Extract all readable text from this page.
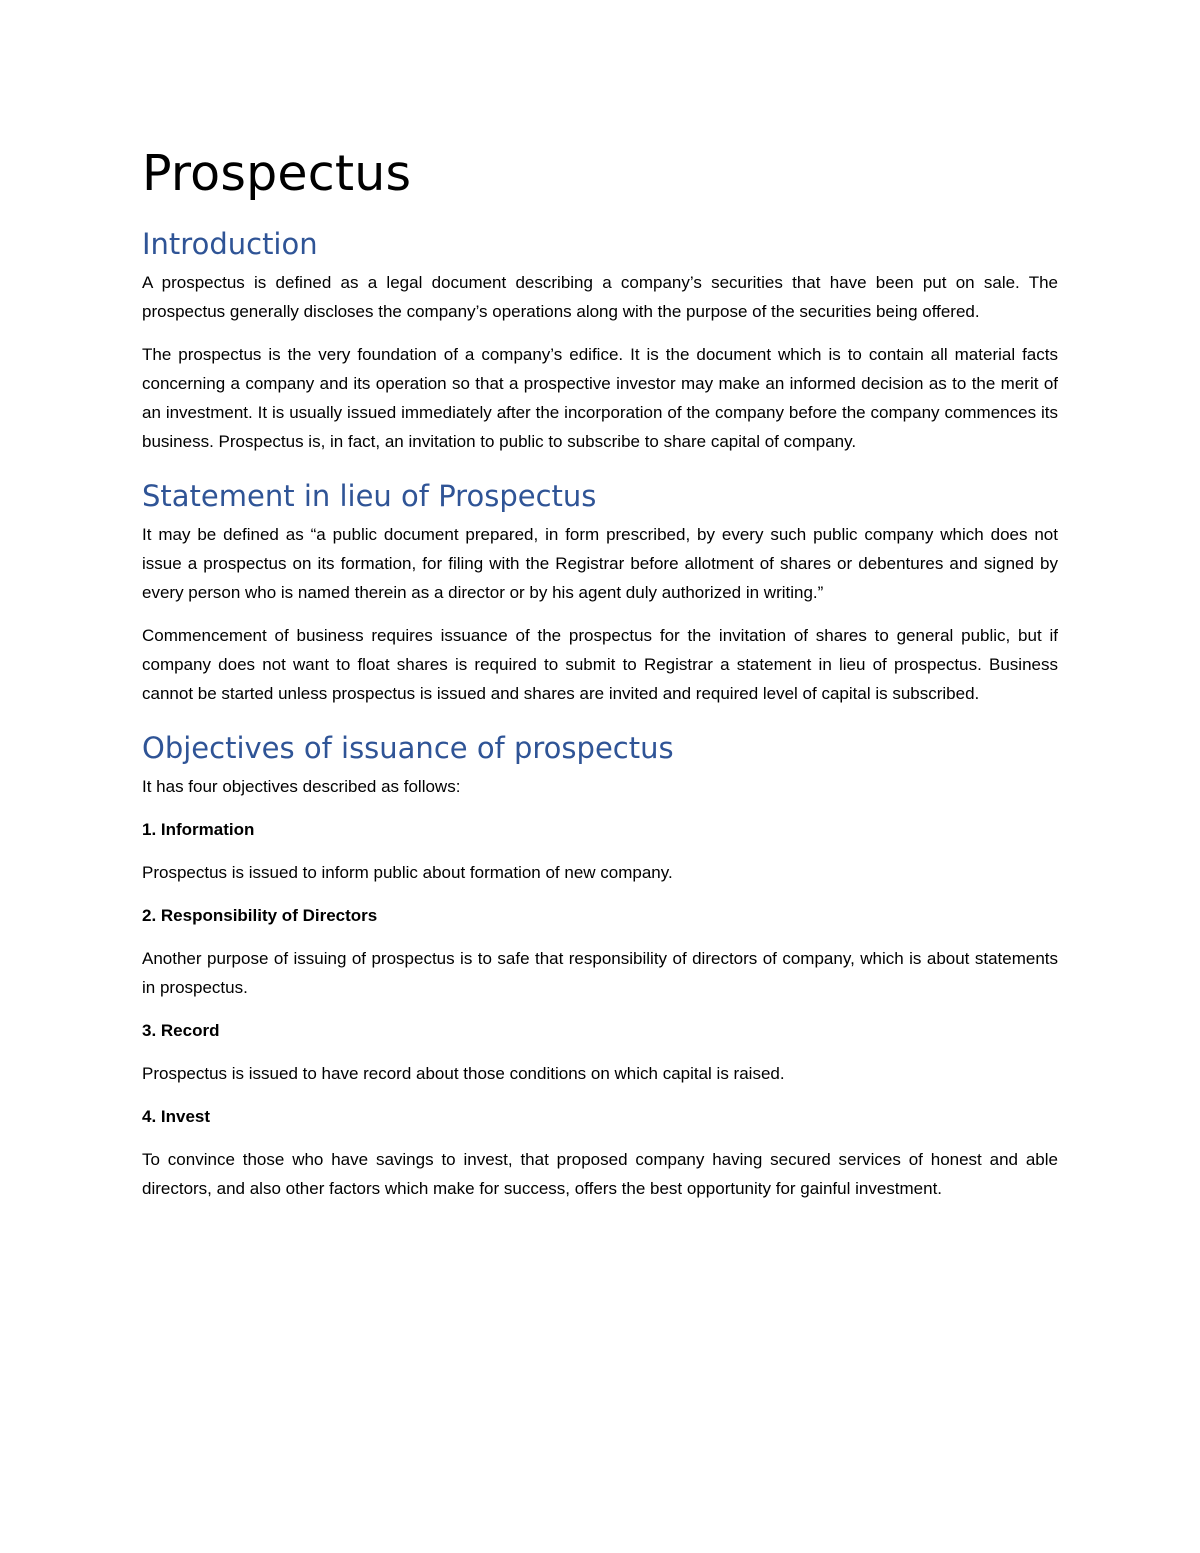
Prospectus
Introduction

A prospectus is defined as a legal document describing a company’s securities that have been put on sale. The prospectus generally discloses the company’s operations along with the purpose of the securities being offered.

The prospectus is the very foundation of a company’s edifice. It is the document which is to contain all material facts concerning a company and its operation so that a prospective investor may make an informed decision as to the merit of an investment. It is usually issued immediately after the incorporation of the company before the company commences its business. Prospectus is, in fact, an invitation to public to subscribe to share capital of company.

Statement in lieu of Prospectus

It may be defined as “a public document prepared, in form prescribed, by every such public company which does not issue a prospectus on its formation, for filing with the Registrar before allotment of shares or debentures and signed by every person who is named therein as a director or by his agent duly authorized in writing.”

Commencement of business requires issuance of the prospectus for the invitation of shares to general public, but if company does not want to float shares is required to submit to Registrar a statement in lieu of prospectus. Business cannot be started unless prospectus is issued and shares are invited and required level of capital is subscribed.

Objectives of issuance of prospectus

It has four objectives described as follows:

1. Information

Prospectus is issued to inform public about formation of new company.

2. Responsibility of Directors

Another purpose of issuing of prospectus is to safe that responsibility of directors of company, which is about statements in prospectus.

3. Record

Prospectus is issued to have record about those conditions on which capital is raised.

4. Invest

To convince those who have savings to invest, that proposed company having secured services of honest and able directors, and also other factors which make for success, offers the best opportunity for gainful investment.
